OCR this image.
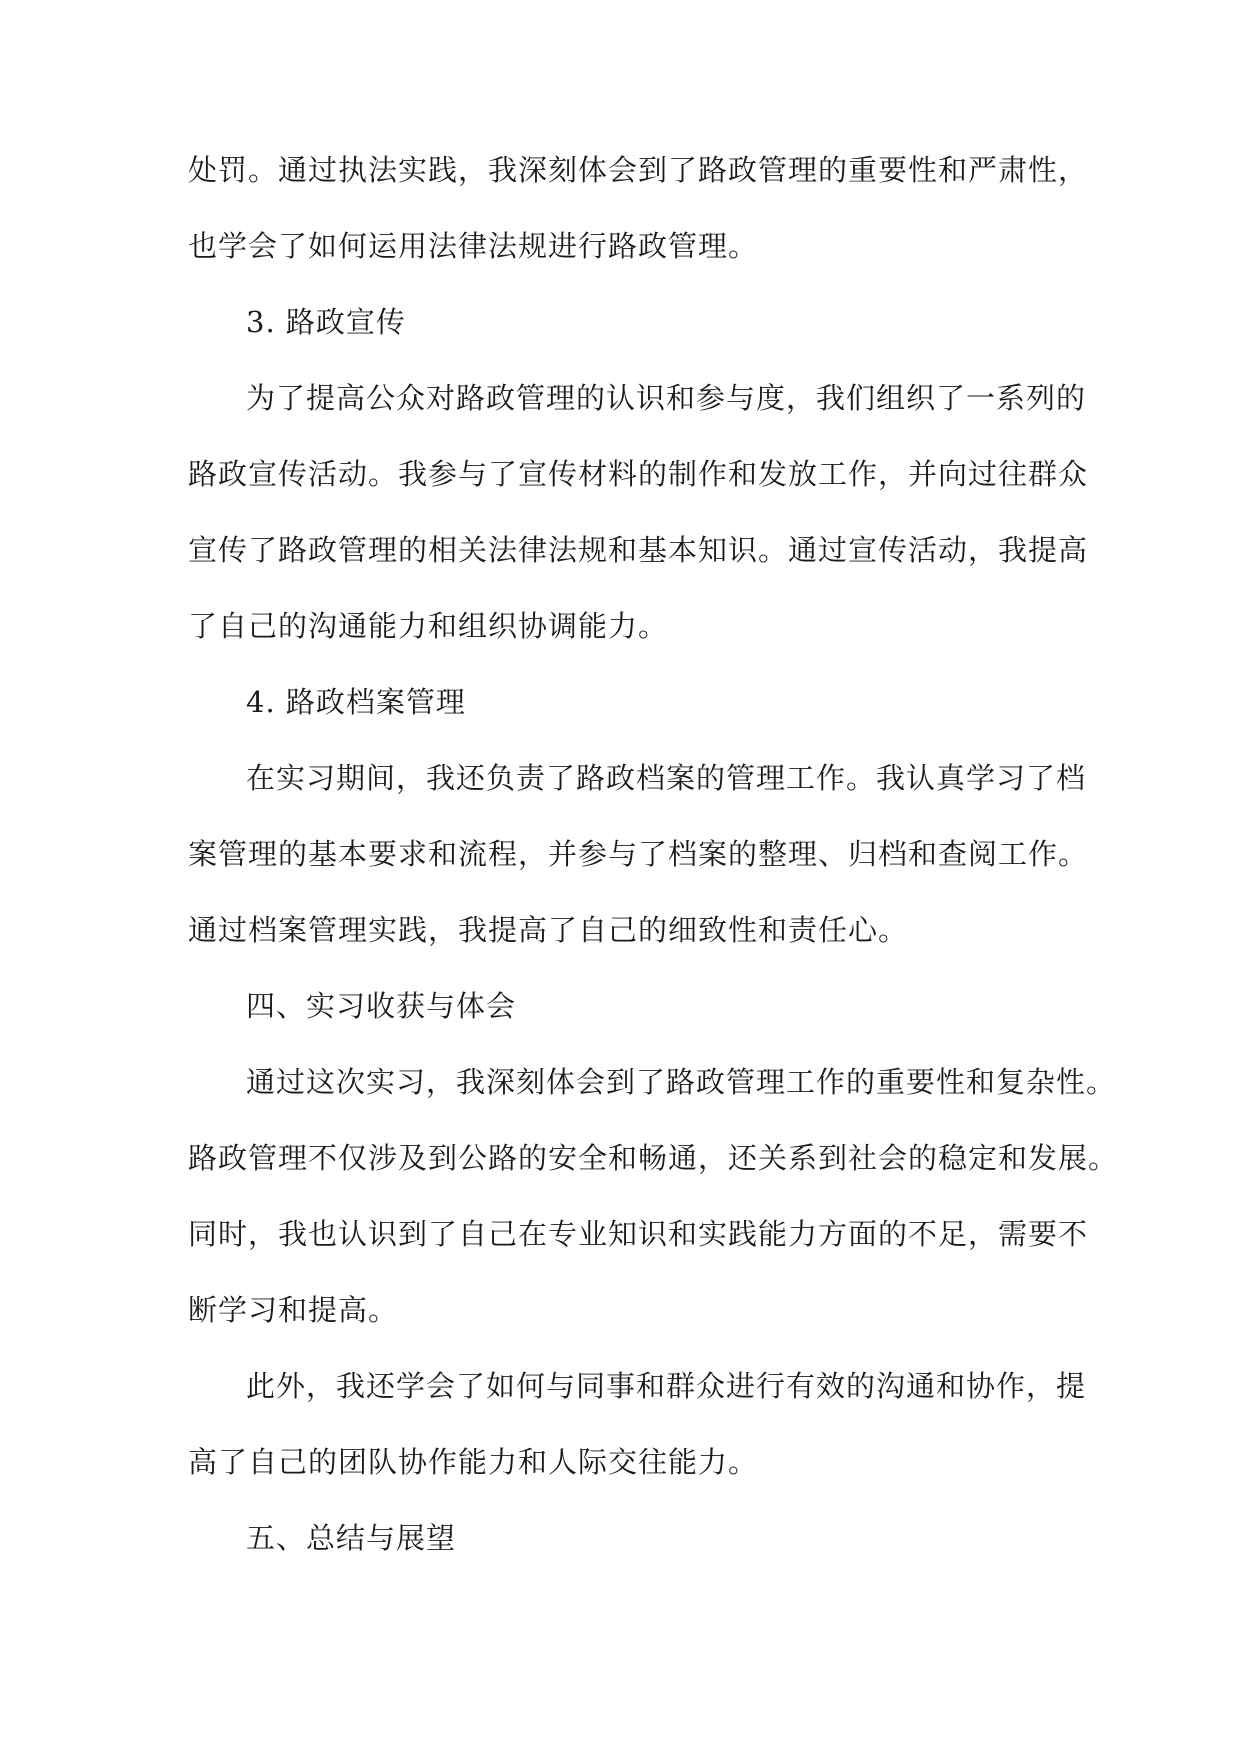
处罚。通过执法实践，我深刻体会到了路政管理的重要性和严肃性，
也学会了如何运用法律法规进行路政管理。
3. 路政宣传
为了提高公众对路政管理的认识和参与度，我们组织了一系列的
路政宣传活动。我参与了宣传材料的制作和发放工作，并向过往群众
宣传了路政管理的相关法律法规和基本知识。通过宣传活动，我提高
了自己的沟通能力和组织协调能力。
4. 路政档案管理
在实习期间，我还负责了路政档案的管理工作。我认真学习了档
案管理的基本要求和流程，并参与了档案的整理、归档和查阅工作。
通过档案管理实践，我提高了自己的细致性和责任心。
四、实习收获与体会
通过这次实习，我深刻体会到了路政管理工作的重要性和复杂性。
路政管理不仅涉及到公路的安全和畅通，还关系到社会的稳定和发展。
同时，我也认识到了自己在专业知识和实践能力方面的不足，需要不
断学习和提高。
此外，我还学会了如何与同事和群众进行有效的沟通和协作，提
高了自己的团队协作能力和人际交往能力。
五、总结与展望
